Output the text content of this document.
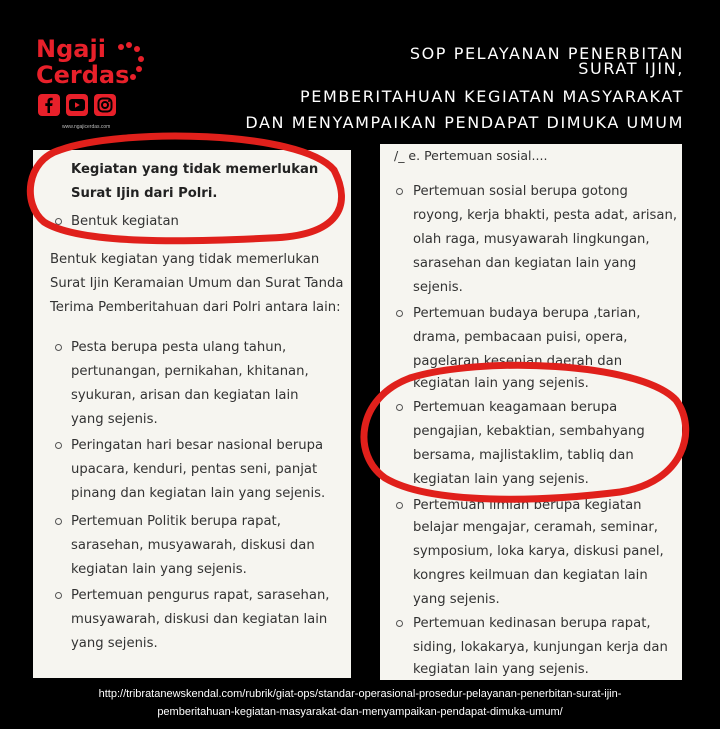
Ngaji
Cerdas
www.ngajicerdas.com
SOP PELAYANAN PENERBITAN
SURAT IJIN,
PEMBERITAHUAN KEGIATAN MASYARAKAT
DAN MENYAMPAIKAN PENDAPAT DIMUKA UMUM
Kegiatan yang tidak memerlukan
Surat Ijin dari Polri.
Bentuk kegiatan
Bentuk kegiatan yang tidak memerlukan
Surat Ijin Keramaian Umum dan Surat Tanda
Terima Pemberitahuan dari Polri antara lain:
Pesta berupa pesta ulang tahun,
pertunangan, pernikahan, khitanan,
syukuran, arisan dan kegiatan lain
yang sejenis.
Peringatan hari besar nasional berupa
upacara, kenduri, pentas seni, panjat
pinang dan kegiatan lain yang sejenis.
Pertemuan Politik berupa rapat,
sarasehan, musyawarah, diskusi dan
kegiatan lain yang sejenis.
Pertemuan pengurus rapat, sarasehan,
musyawarah, diskusi dan kegiatan lain
yang sejenis.
/_ e. Pertemuan sosial....
Pertemuan sosial berupa gotong
royong, kerja bhakti, pesta adat, arisan,
olah raga, musyawarah lingkungan,
sarasehan dan kegiatan lain yang
sejenis.
Pertemuan budaya berupa ,tarian,
drama, pembacaan puisi, opera,
pagelaran kesenian daerah dan
kegiatan lain yang sejenis.
Pertemuan keagamaan berupa
pengajian, kebaktian, sembahyang
bersama, majlistaklim, tabliq dan
kegiatan lain yang sejenis.
Pertemuan ilmiah berupa kegiatan
belajar mengajar, ceramah, seminar,
symposium, loka karya, diskusi panel,
kongres keilmuan dan kegiatan lain
yang sejenis.
Pertemuan kedinasan berupa rapat,
siding, lokakarya, kunjungan kerja dan
kegiatan lain yang sejenis.
http://tribratanewskendal.com/rubrik/giat-ops/standar-operasional-prosedur-pelayanan-penerbitan-surat-ijin-
pemberitahuan-kegiatan-masyarakat-dan-menyampaikan-pendapat-dimuka-umum/
